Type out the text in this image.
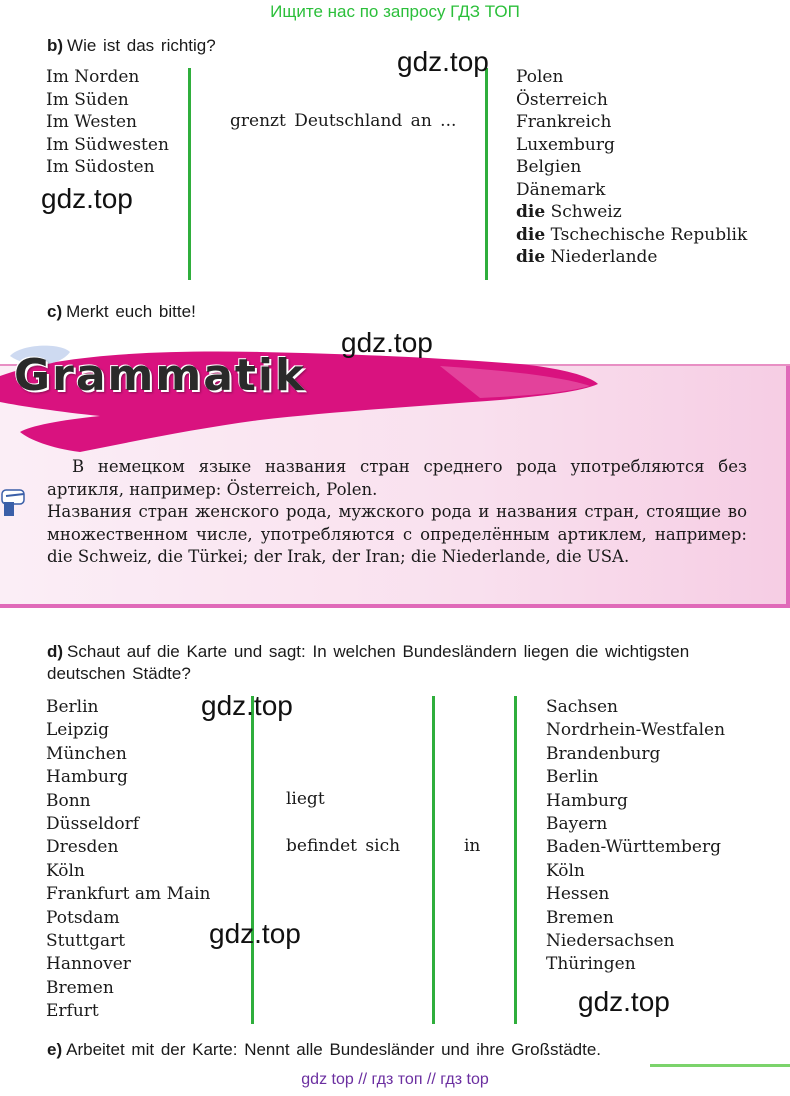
Ищите нас по запросу ГДЗ ТОП
b) Wie ist das richtig?
Im Norden
Im Süden
Im Westen
Im Südwesten
Im Südosten
grenzt Deutschland an ...
Polen
Österreich
Frankreich
Luxemburg
Belgien
Dänemark
die Schweiz
die Tschechische Republik
die Niederlande
gdz.top
gdz.top
c) Merkt euch bitte!
Grammatik
gdz.top

В немецком языке названия стран среднего рода употребляются без артикля, например: Österreich, Polen.

Названия стран женского рода, мужского рода и названия стран, стоящие во множественном числе, употребляются с определённым артиклем, например: die Schweiz, die Türkei; der Irak, der Iran; die Niederlande, die USA.

d) Schaut auf die Karte und sagt: In welchen Bundesländern liegen die wichtigsten
deutschen Städte?
Berlin
Leipzig
München
Hamburg
Bonn
Düsseldorf
Dresden
Köln
Frankfurt am Main
Potsdam
Stuttgart
Hannover
Bremen
Erfurt
liegt
befindet sich	in
Sachsen
Nordrhein-Westfalen
Brandenburg
Berlin
Hamburg
Bayern
Baden-Württemberg
Köln
Hessen
Bremen
Niedersachsen
Thüringen
gdz.top
gdz.top
gdz.top
e) Arbeitet mit der Karte: Nennt alle Bundesländer und ihre Großstädte.
gdz top // гдз топ // гдз top
